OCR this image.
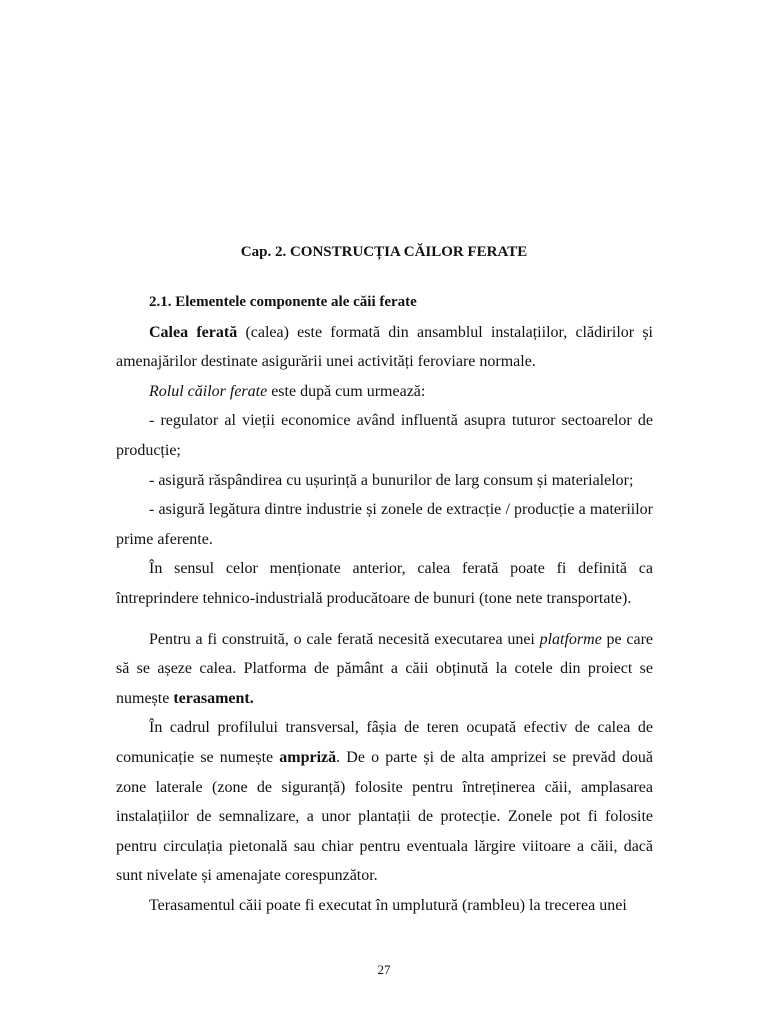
Cap. 2. CONSTRUCȚIA CĂILOR FERATE

2.1. Elementele componente ale căii ferate

Calea ferată (calea) este formată din ansamblul instalațiilor, clădirilor și amenajărilor destinate asigurării unei activități feroviare normale.

Rolul căilor ferate este după cum urmează:

- regulator al vieții economice având influentă asupra tuturor sectoarelor de producție;

- asigură răspândirea cu ușurință a bunurilor de larg consum și materialelor;

- asigură legătura dintre industrie și zonele de extracție / producție a materiilor prime aferente.

În sensul celor menționate anterior, calea ferată poate fi definită ca întreprindere tehnico-industrială producătoare de bunuri (tone nete transportate).

Pentru a fi construită, o cale ferată necesită executarea unei platforme pe care să se așeze calea. Platforma de pământ a căii obținută la cotele din proiect se numește terasament.

În cadrul profilului transversal, fâșia de teren ocupată efectiv de calea de comunicație se numește ampriză. De o parte și de alta amprizei se prevăd două zone laterale (zone de siguranță) folosite pentru întreținerea căii, amplasarea instalațiilor de semnalizare, a unor plantații de protecție. Zonele pot fi folosite pentru circulația pietonală sau chiar pentru eventuala lărgire viitoare a căii, dacă sunt nivelate și amenajate corespunzător.

Terasamentul căii poate fi executat în umplutură (rambleu) la trecerea unei

27
